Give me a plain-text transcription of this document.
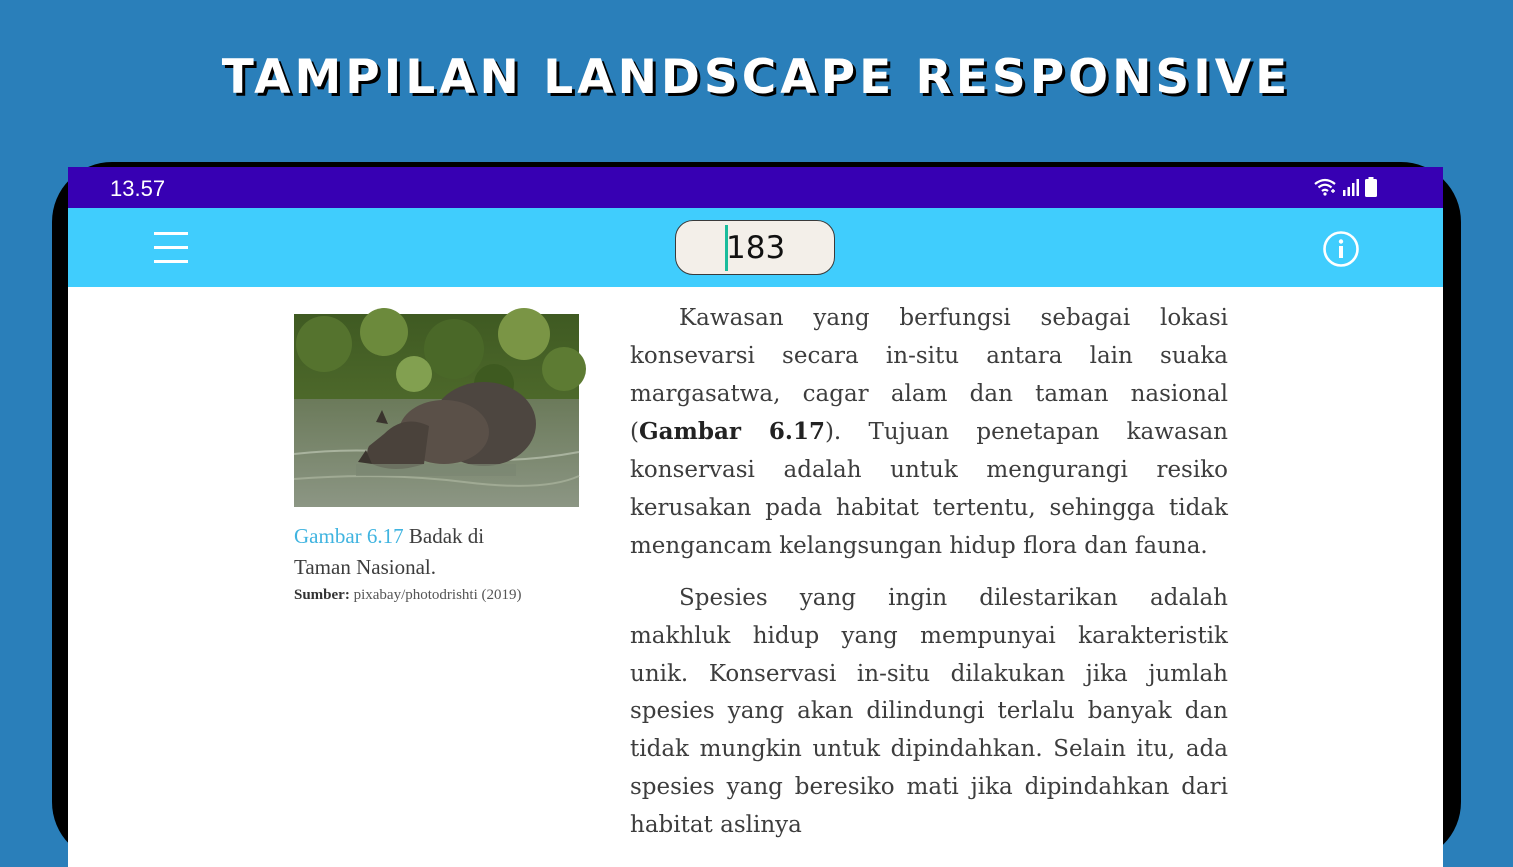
TAMPILAN LANDSCAPE RESPONSIVE
13.57
183
Gambar 6.17 Badak di
Taman Nasional.
Sumber: pixabay/photodrishti (2019)

Kawasan yang berfungsi sebagai lokasi konsevarsi secara in-situ antara lain suaka margasatwa, cagar alam dan taman nasional (Gambar 6.17). Tujuan penetapan kawasan konservasi adalah untuk mengurangi resiko kerusakan pada habitat tertentu, sehingga tidak mengancam kelangsungan hidup flora dan fauna.

Spesies yang ingin dilestarikan adalah makhluk hidup yang mempunyai karakteristik unik. Konservasi in-situ dilakukan jika jumlah spesies yang akan dilindungi terlalu banyak dan tidak mungkin untuk dipindahkan. Selain itu, ada spesies yang beresiko mati jika dipindahkan dari habitat aslinya
